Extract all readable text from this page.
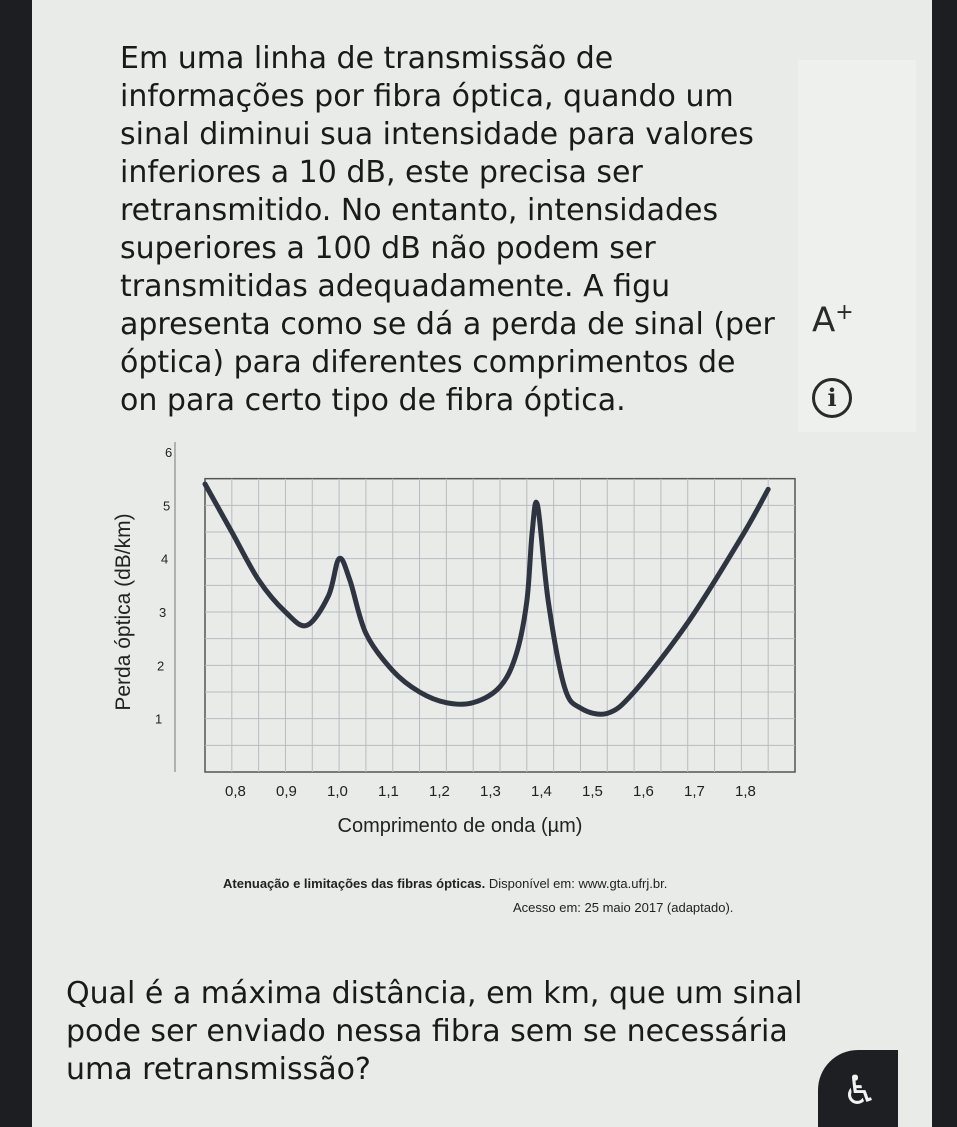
Em uma linha de transmissão de informações por fibra óptica, quando um sinal diminui sua intensidade para valores inferiores a 10 dB, este precisa ser retransmitido. No entanto, intensidades superiores a 100 dB não podem ser transmitidas adequadamente. A figu apresenta como se dá a perda de sinal (per óptica) para diferentes comprimentos de on para certo tipo de fibra óptica.

A+
i
1
2
3
4
5
6
0,8 0,9 1,0 1,1 1,2 1,3 1,4 1,5 1,6 1,7 1,8
Comprimento de onda (µm)
Perda óptica (dB/km)
Atenuação e limitações das fibras ópticas. Disponível em: www.gta.ufrj.br.
Acesso em: 25 maio 2017 (adaptado).

Qual é a máxima distância, em km, que um sinal pode ser enviado nessa fibra sem se necessária uma retransmissão?	♿
